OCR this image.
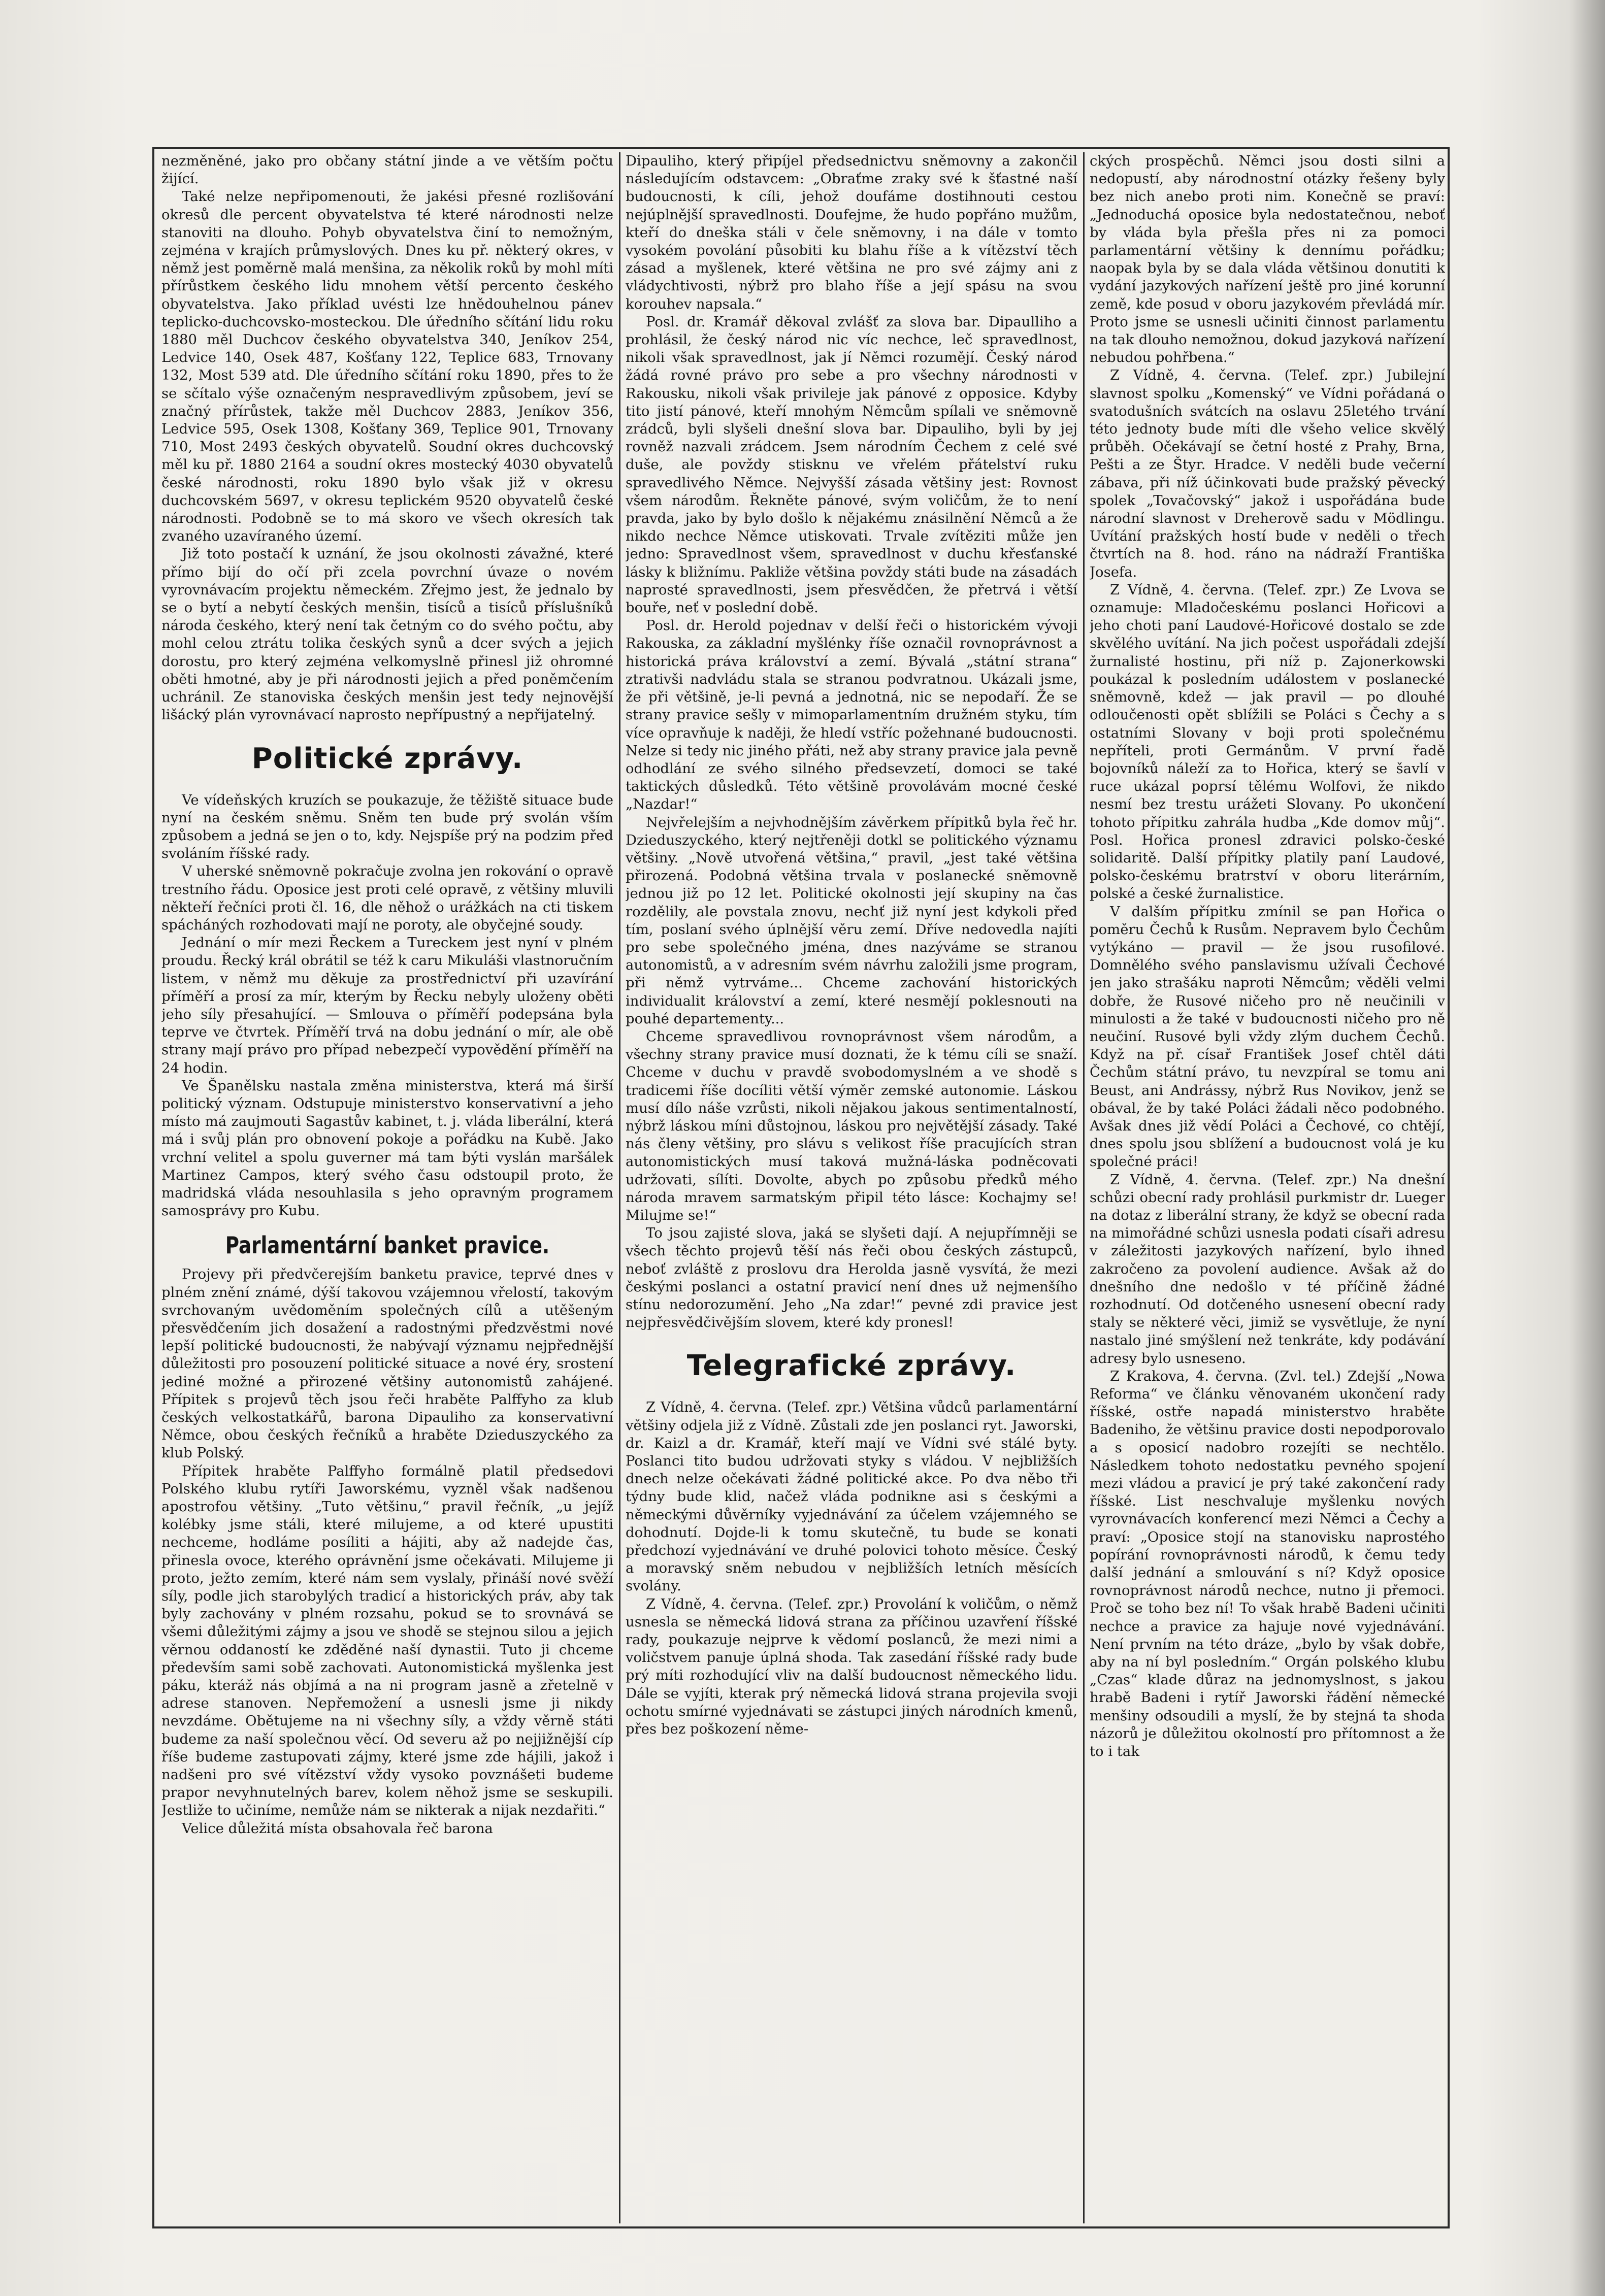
nezměněné, jako pro občany státní jinde a ve větším počtu žijící.

Také nelze nepřipomenouti, že jakési přesné rozlišování okresů dle percent obyvatelstva té které národnosti nelze stanoviti na dlouho. Pohyb obyvatelstva činí to nemožným, zejména v krajích průmyslových. Dnes ku př. některý okres, v němž jest poměrně malá menšina, za několik roků by mohl míti přírůstkem českého lidu mnohem větší percento českého obyvatelstva. Jako příklad uvésti lze hnědouhelnou pánev teplicko-duchcovsko-mosteckou. Dle úředního sčítání lidu roku 1880 měl Duchcov českého obyvatelstva 340, Jeníkov 254, Ledvice 140, Osek 487, Košťany 122, Teplice 683, Trnovany 132, Most 539 atd. Dle úředního sčítání roku 1890, přes to že se sčítalo výše označeným nespravedlivým způsobem, jeví se značný přírůstek, takže měl Duchcov 2883, Jeníkov 356, Ledvice 595, Osek 1308, Košťany 369, Teplice 901, Trnovany 710, Most 2493 českých obyvatelů. Soudní okres duchcovský měl ku př. 1880 2164 a soudní okres mostecký 4030 obyvatelů české národnosti, roku 1890 bylo však již v okresu duchcovském 5697, v okresu teplickém 9520 obyvatelů české národnosti. Podobně se to má skoro ve všech okresích tak zvaného uzavíraného území.

Již toto postačí k uznání, že jsou okolnosti závažné, které přímo bijí do očí při zcela povrchní úvaze o novém vyrovnávacím projektu německém. Zřejmo jest, že jednalo by se o bytí a nebytí českých menšin, tisíců a tisíců příslušníků národa českého, který není tak četným co do svého počtu, aby mohl celou ztrátu tolika českých synů a dcer svých a jejich dorostu, pro který zejména velkomyslně přinesl již ohromné oběti hmotné, aby je při národnosti jejich a před poněmčením uchránil. Ze stanoviska českých menšin jest tedy nejnovější lišácký plán vyrovnávací naprosto nepřípustný a nepřijatelný.

Politické zprávy.

Ve vídeňských kruzích se poukazuje, že těžiště situace bude nyní na českém sněmu. Sněm ten bude prý svolán vším způsobem a jedná se jen o to, kdy. Nejspíše prý na podzim před svoláním říšské rady.

V uherské sněmovně pokračuje zvolna jen rokování o opravě trestního řádu. Oposice jest proti celé opravě, z většiny mluvili někteří řečníci proti čl. 16, dle něhož o urážkách na cti tiskem spácháných rozhodovati mají ne poroty, ale obyčejné soudy.

Jednání o mír mezi Řeckem a Tureckem jest nyní v plném proudu. Řecký král obrátil se též k caru Mikuláši vlastnoručním listem, v němž mu děkuje za prostřednictví při uzavírání příměří a prosí za mír, kterým by Řecku nebyly uloženy oběti jeho síly přesahující. — Smlouva o příměří podepsána byla teprve ve čtvrtek. Příměří trvá na dobu jednání o mír, ale obě strany mají právo pro případ nebezpečí vypovědění příměří na 24 hodin.

Ve Španělsku nastala změna ministerstva, která má širší politický význam. Odstupuje ministerstvo konservativní a jeho místo má zaujmouti Sagastův kabinet, t. j. vláda liberální, která má i svůj plán pro obnovení pokoje a pořádku na Kubě. Jako vrchní velitel a spolu guverner má tam býti vyslán maršálek Martinez Campos, který svého času odstoupil proto, že madridská vláda nesouhlasila s jeho opravným programem samosprávy pro Kubu.

Parlamentární banket pravice.

Projevy při předvčerejším banketu pravice, teprvé dnes v plném znění známé, dýší takovou vzájemnou vřelostí, takovým svrchovaným uvědoměním společných cílů a utěšeným přesvědčením jich dosažení a radostnými předzvěstmi nové lepší politické budoucnosti, že nabývají významu nejpřednější důležitosti pro posouzení politické situace a nové éry, srostení jediné možné a přirozené většiny autonomistů zahájené. Přípitek s projevů těch jsou řeči hraběte Palffyho za klub českých velkostatkářů, barona Dipauliho za konservativní Němce, obou českých řečníků a hraběte Dzieduszyckého za klub Polský.

Přípitek hraběte Palffyho formálně platil předsedovi Polského klubu rytíři Jaworskému, vyzněl však nadšenou apostrofou většiny. „Tuto většinu,“ pravil řečník, „u jejíž kolébky jsme stáli, které milujeme, a od které upustiti nechceme, hodláme posíliti a hájiti, aby až nadejde čas, přinesla ovoce, kterého oprávnění jsme očekávati. Milujeme ji proto, ježto zemím, které nám sem vyslaly, přináší nové svěží síly, podle jich starobylých tradicí a historických práv, aby tak byly zachovány v plném rozsahu, pokud se to srovnává se všemi důležitými zájmy a jsou ve shodě se stejnou silou a jejich věrnou oddaností ke zděděné naší dynastii. Tuto ji chceme především sami sobě zachovati. Autonomistická myšlenka jest páku, kteráž nás objímá a na ni program jasně a zřetelně v adrese stanoven. Nepřemožení a usnesli jsme ji nikdy nevzdáme. Obětujeme na ni všechny síly, a vždy věrně státi budeme za naší společnou věcí. Od severu až po nejjižnější cíp říše budeme zastupovati zájmy, které jsme zde hájili, jakož i nadšeni pro své vítězství vždy vysoko povznášeti budeme prapor nevyhnutelných barev, kolem něhož jsme se seskupili. Jestliže to učiníme, nemůže nám se nikterak a nijak nezdařiti.“

Velice důležitá místa obsahovala řeč barona

Dipauliho, který připíjel předsednictvu sněmovny a zakončil následujícím odstavcem: „Obraťme zraky své k šťastné naší budoucnosti, k cíli, jehož doufáme dostihnouti cestou nejúplnější spravedlnosti. Doufejme, že hudo popřáno mužům, kteří do dneška stáli v čele sněmovny, i na dále v tomto vysokém povolání působiti ku blahu říše a k vítězství těch zásad a myšlenek, které většina ne pro své zájmy ani z vládychtivosti, nýbrž pro blaho říše a její spásu na svou korouhev napsala.“

Posl. dr. Kramář děkoval zvlášť za slova bar. Dipaulliho a prohlásil, že český národ nic víc nechce, leč spravedlnost, nikoli však spravedlnost, jak jí Němci rozumějí. Český národ žádá rovné právo pro sebe a pro všechny národnosti v Rakousku, nikoli však privileje jak pánové z opposice. Kdyby tito jistí pánové, kteří mnohým Němcům spílali ve sněmovně zrádců, byli slyšeli dnešní slova bar. Dipauliho, byli by jej rovněž nazvali zrádcem. Jsem národním Čechem z celé své duše, ale povždy stisknu ve vřelém přátelství ruku spravedlivého Němce. Nejvyšší zásada většiny jest: Rovnost všem národům. Řekněte pánové, svým voličům, že to není pravda, jako by bylo došlo k nějakému znásilnění Němců a že nikdo nechce Němce utiskovati. Trvale zvítěziti může jen jedno: Spravedlnost všem, spravedlnost v duchu křesťanské lásky k bližnímu. Pakliže většina povždy státi bude na zásadách naprosté spravedlnosti, jsem přesvědčen, že přetrvá i větší bouře, neť v poslední době.

Posl. dr. Herold pojednav v delší řeči o historickém vývoji Rakouska, za základní myšlénky říše označil rovnoprávnost a historická práva království a zemí. Bývalá „státní strana“ ztrativši nadvládu stala se stranou podvratnou. Ukázali jsme, že při většině, je-li pevná a jednotná, nic se nepodaří. Že se strany pravice sešly v mimoparlamentním družném styku, tím více opravňuje k naději, že hledí vstříc požehnané budoucnosti. Nelze si tedy nic jiného přáti, než aby strany pravice jala pevně odhodlání ze svého silného předsevzetí, domoci se také taktických důsledků. Této většině provolávám mocné české „Nazdar!“

Nejvřelejším a nejvhodnějším závěrkem přípitků byla řeč hr. Dzieduszyckého, který nejtřeněji dotkl se politického významu většiny. „Nově utvořená většina,“ pravil, „jest také většina přirozená. Podobná většina trvala v poslanecké sněmovně jednou již po 12 let. Politické okolnosti její skupiny na čas rozdělily, ale povstala znovu, nechť již nyní jest kdykoli před tím, poslaní svého úplnější věru zemí. Dříve nedovedla najíti pro sebe společného jména, dnes nazýváme se stranou autonomistů, a v adresním svém návrhu založili jsme program, při němž vytrváme... Chceme zachování historických individualit království a zemí, které nesmějí poklesnouti na pouhé departementy...

Chceme spravedlivou rovnoprávnost všem národům, a všechny strany pravice musí doznati, že k tému cíli se snaží. Chceme v duchu v pravdě svobodomyslném a ve shodě s tradicemi říše docíliti větší výměr zemské autonomie. Láskou musí dílo náše vzrůsti, nikoli nějakou jakous sentimentalností, nýbrž láskou míni důstojnou, láskou pro největější zásady. Také nás členy většiny, pro slávu s velikost říše pracujících stran autonomistických musí taková mužná-láska podněcovati udržovati, sílíti. Dovolte, abych po způsobu předků mého národa mravem sarmatským připil této lásce: Kochajmy se! Milujme se!“

To jsou zajisté slova, jaká se slyšeti dají. A nejupřímněji se všech těchto projevů těší nás řeči obou českých zástupců, neboť zvláště z proslovu dra Herolda jasně vysvítá, že mezi českými poslanci a ostatní pravicí není dnes už nejmenšího stínu nedorozumění. Jeho „Na zdar!“ pevné zdi pravice jest nejpřesvědčivějším slovem, které kdy pronesl!

Telegrafické zprávy.

Z Vídně, 4. června. (Telef. zpr.) Většina vůdců parlamentární většiny odjela již z Vídně. Zůstali zde jen poslanci ryt. Jaworski, dr. Kaizl a dr. Kramář, kteří mají ve Vídni své stálé byty. Poslanci tito budou udržovati styky s vládou. V nejbližších dnech nelze očekávati žádné politické akce. Po dva něbo tři týdny bude klid, načež vláda podnikne asi s českými a německými důvěrníky vyjednávání za účelem vzájemného se dohodnutí. Dojde-li k tomu skutečně, tu bude se konati předchozí vyjednávání ve druhé polovici tohoto měsíce. Český a moravský sněm nebudou v nejbližších letních měsících svolány.

Z Vídně, 4. června. (Telef. zpr.) Provolání k voličům, o němž usnesla se německá lidová strana za příčinou uzavření říšské rady, poukazuje nejprve k vědomí poslanců, že mezi nimi a voličstvem panuje úplná shoda. Tak zasedání říšské rady bude prý míti rozhodující vliv na další budoucnost německého lidu. Dále se vyjíti, kterak prý německá lidová strana projevila svoji ochotu smírné vyjednávati se zástupci jiných národních kmenů, přes bez poškození něme-

ckých prospěchů. Němci jsou dosti silni a nedopustí, aby národnostní otázky řešeny byly bez nich anebo proti nim. Konečně se praví: „Jednoduchá oposice byla nedostatečnou, neboť by vláda byla přešla přes ni za pomoci parlamentární většiny k dennímu pořádku; naopak byla by se dala vláda většinou donutiti k vydání jazykových nařízení ještě pro jiné korunní země, kde posud v oboru jazykovém převládá mír. Proto jsme se usnesli učiniti činnost parlamentu na tak dlouho nemožnou, dokud jazyková nařízení nebudou pohřbena.“

Z Vídně, 4. června. (Telef. zpr.) Jubilejní slavnost spolku „Komenský“ ve Vídni pořádaná o svatodušních svátcích na oslavu 25letého trvání této jednoty bude míti dle všeho velice skvělý průběh. Očekávají se četní hosté z Prahy, Brna, Pešti a ze Štyr. Hradce. V neděli bude večerní zábava, při níž účinkovati bude pražský pěvecký spolek „Tovačovský“ jakož i uspořádána bude národní slavnost v Dreherově sadu v Mödlingu. Uvítání pražských hostí bude v neděli o třech čtvrtích na 8. hod. ráno na nádraží Františka Josefa.

Z Vídně, 4. června. (Telef. zpr.) Ze Lvova se oznamuje: Mladočeskému poslanci Hořicovi a jeho choti paní Laudové-Hořicové dostalo se zde skvělého uvítání. Na jich počest uspořádali zdejší žurnalisté hostinu, při níž p. Zajonerkowski poukázal k posledním událostem v poslanecké sněmovně, kdež — jak pravil — po dlouhé odloučenosti opět sblížili se Poláci s Čechy a s ostatními Slovany v boji proti společnému nepříteli, proti Germánům. V první řadě bojovníků náleží za to Hořica, který se šavlí v ruce ukázal poprsí tělému Wolfovi, že nikdo nesmí bez trestu urážeti Slovany. Po ukončení tohoto přípitku zahrála hudba „Kde domov můj“. Posl. Hořica pronesl zdravici polsko-české solidaritě. Další přípitky platily paní Laudové, polsko-českému bratrství v oboru literárním, polské a české žurnalistice.

V dalším přípitku zmínil se pan Hořica o poměru Čechů k Rusům. Nepravem bylo Čechům vytýkáno — pravil — že jsou rusofilové. Domnělého svého panslavismu užívali Čechové jen jako strašáku naproti Němcům; věděli velmi dobře, že Rusové ničeho pro ně neučinili v minulosti a že také v budoucnosti ničeho pro ně neučiní. Rusové byli vždy zlým duchem Čechů. Když na př. císař František Josef chtěl dáti Čechům státní právo, tu nevzpíral se tomu ani Beust, ani Andrássy, nýbrž Rus Novikov, jenž se obával, že by také Poláci žádali něco podobného. Avšak dnes již vědí Poláci a Čechové, co chtějí, dnes spolu jsou sblížení a budoucnost volá je ku společné práci!

Z Vídně, 4. června. (Telef. zpr.) Na dnešní schůzi obecní rady prohlásil purkmistr dr. Lueger na dotaz z liberální strany, že když se obecní rada na mimořádné schůzi usnesla podati císaři adresu v záležitosti jazykových nařízení, bylo ihned zakročeno za povolení audience. Avšak až do dnešního dne nedošlo v té příčině žádné rozhodnutí. Od dotčeného usnesení obecní rady staly se některé věci, jimiž se vysvětluje, že nyní nastalo jiné smýšlení než tenkráte, kdy podávání adresy bylo usneseno.

Z Krakova, 4. června. (Zvl. tel.) Zdejší „Nowa Reforma“ ve článku věnovaném ukončení rady říšské, ostře napadá ministerstvo hraběte Badeniho, že většinu pravice dosti nepodporovalo a s oposicí nadobro rozejíti se nechtělo. Následkem tohoto nedostatku pevného spojení mezi vládou a pravicí je prý také zakončení rady říšské. List neschvaluje myšlenku nových vyrovnávacích konferencí mezi Němci a Čechy a praví: „Oposice stojí na stanovisku naprostého popírání rovnoprávnosti národů, k čemu tedy další jednání a smlouvání s ní? Když oposice rovnoprávnost národů nechce, nutno ji přemoci. Proč se toho bez ní! To však hrabě Badeni učiniti nechce a pravice za hajuje nové vyjednávání. Není prvním na této dráze, „bylo by však dobře, aby na ní byl posledním.“ Orgán polského klubu „Czas“ klade důraz na jednomyslnost, s jakou hrabě Badeni i rytíř Jaworski řádění německé menšiny odsoudili a myslí, že by stejná ta shoda názorů je důležitou okolností pro přítomnost a že to i tak
